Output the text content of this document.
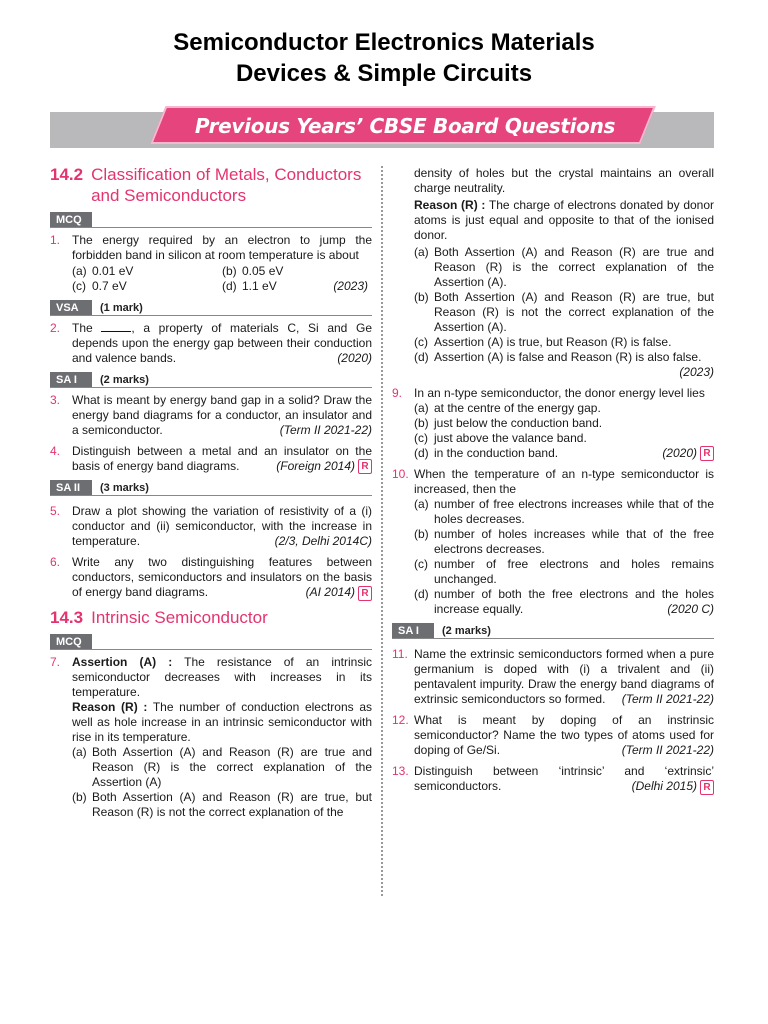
Semiconductor Electronics Materials
Devices & Simple Circuits
Previous Years’ CBSE Board Questions
14.2 Classification of Metals, Conductors and Semiconductors
MCQ
1. The energy required by an electron to jump the forbidden band in silicon at room temperature is about
(a) 0.01 eV	(b) 0.05 eV
(c) 0.7 eV	(d) 1.1 eV	(2023)
VSA	(1 mark)
2. The	, a property of materials C, Si and Ge depends upon the energy gap between their conduction and valence bands.	(2020)
SA I	(2 marks)
3. What is meant by energy band gap in a solid? Draw the energy band diagrams for a conductor, an insulator and a semiconductor.	(Term II 2021-22)
4. Distinguish between a metal and an insulator on the basis of energy band diagrams.	(Foreign 2014) R
SA II	(3 marks)
5. Draw a plot showing the variation of resistivity of a (i) conductor and (ii) semiconductor, with the increase in temperature.	(2/3, Delhi 2014C)
6. Write any two distinguishing features between conductors, semiconductors and insulators on the basis of energy band diagrams.	(AI 2014) R
14.3 Intrinsic Semiconductor
MCQ
7. Assertion (A) : The resistance of an intrinsic semiconductor decreases with increases in its temperature.
Reason (R) : The number of conduction electrons as well as hole increase in an intrinsic semiconductor with rise in its temperature.
(a) Both Assertion (A) and Reason (R) are true and Reason (R) is the correct explanation of the Assertion (A)
(b) Both Assertion (A) and Reason (R) are true, but Reason (R) is not the correct explanation of the
density of holes but the crystal maintains an overall charge neutrality.
Reason (R) : The charge of electrons donated by donor atoms is just equal and opposite to that of the ionised donor.
(a) Both Assertion (A) and Reason (R) are true and Reason (R) is the correct explanation of the Assertion (A).
(b) Both Assertion (A) and Reason (R) are true, but Reason (R) is not the correct explanation of the Assertion (A).
(c) Assertion (A) is true, but Reason (R) is false.
(d) Assertion (A) is false and Reason (R) is also false.
(2023)
9. In an n-type semiconductor, the donor energy level lies
(a) at the centre of the energy gap.
(b) just below the conduction band.
(c) just above the valance band.
(d) in the conduction band.	(2020) R
10. When the temperature of an n-type semiconductor is increased, then the
(a) number of free electrons increases while that of the holes decreases.
(b) number of holes increases while that of the free electrons decreases.
(c) number of free electrons and holes remains unchanged.
(d) number of both the free electrons and the holes increase equally.	(2020 C)
SA I	(2 marks)
11. Name the extrinsic semiconductors formed when a pure germanium is doped with (i) a trivalent and (ii) pentavalent impurity. Draw the energy band diagrams of extrinsic semiconductors so formed. (Term II 2021-22)
12. What is meant by doping of an instrinsic semiconductor? Name the two types of atoms used for doping of Ge/Si.	(Term II 2021-22)
13. Distinguish between ‘intrinsic’ and ‘extrinsic’ semiconductors.	(Delhi 2015) R
